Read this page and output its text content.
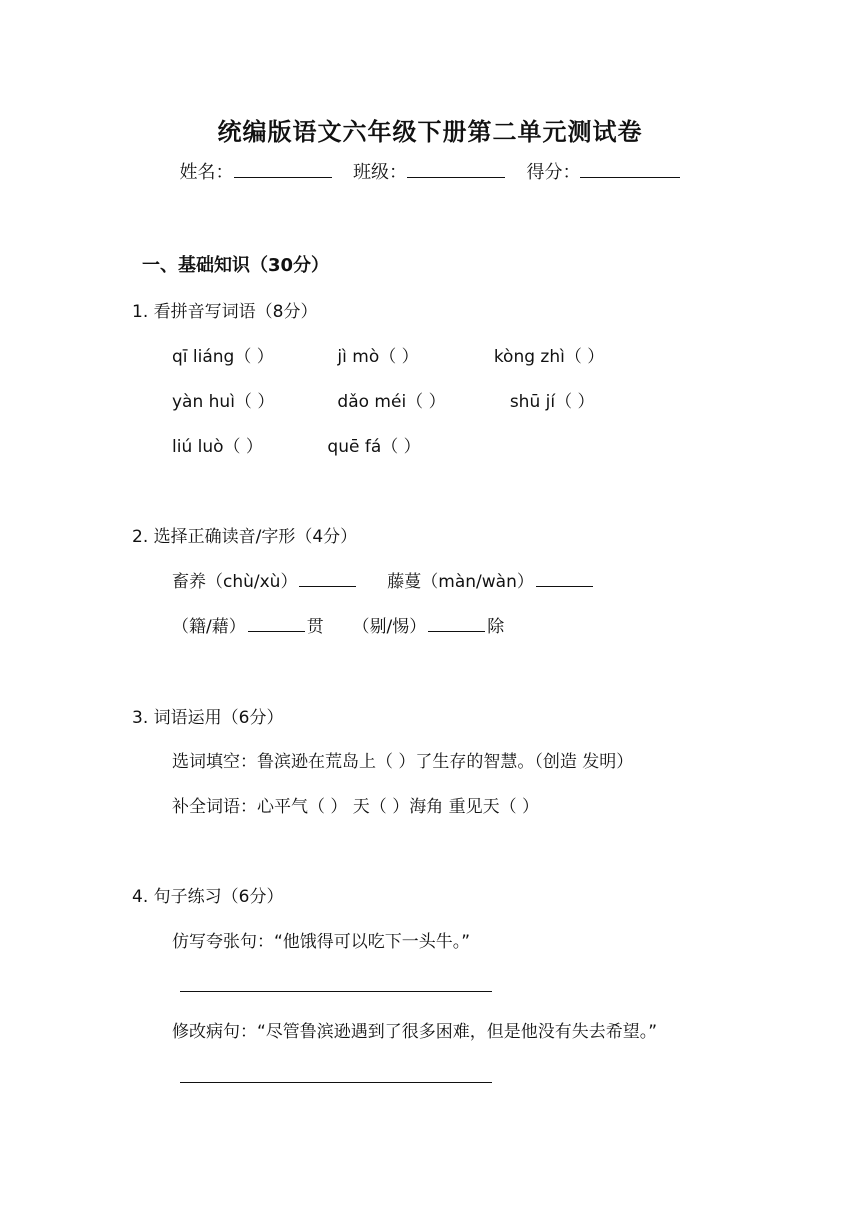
统编版语文六年级下册第二单元测试卷
姓名：	班级：	得分：
一、基础知识（30分）
1. 看拼音写词语（8分）
qī liáng（ ）	jì mò（ ）	kòng zhì（ ）
yàn huì（ ）	dǎo méi（ ）	shū jí（ ）
liú luò（ ）	quē fá（ ）
2. 选择正确读音/字形（4分）
畜养（chù/xù）	藤蔓（màn/wàn）
（籍/藉）	贯 （剔/惕）	除
3. 词语运用（6分）
选词填空：鲁滨逊在荒岛上（ ）了生存的智慧。（创造 发明）
补全词语：心平气（ ） 天（ ）海角 重见天（ ）
4. 句子练习（6分）
仿写夸张句：“他饿得可以吃下一头牛。”
修改病句：“尽管鲁滨逊遇到了很多困难，但是他没有失去希望。”
